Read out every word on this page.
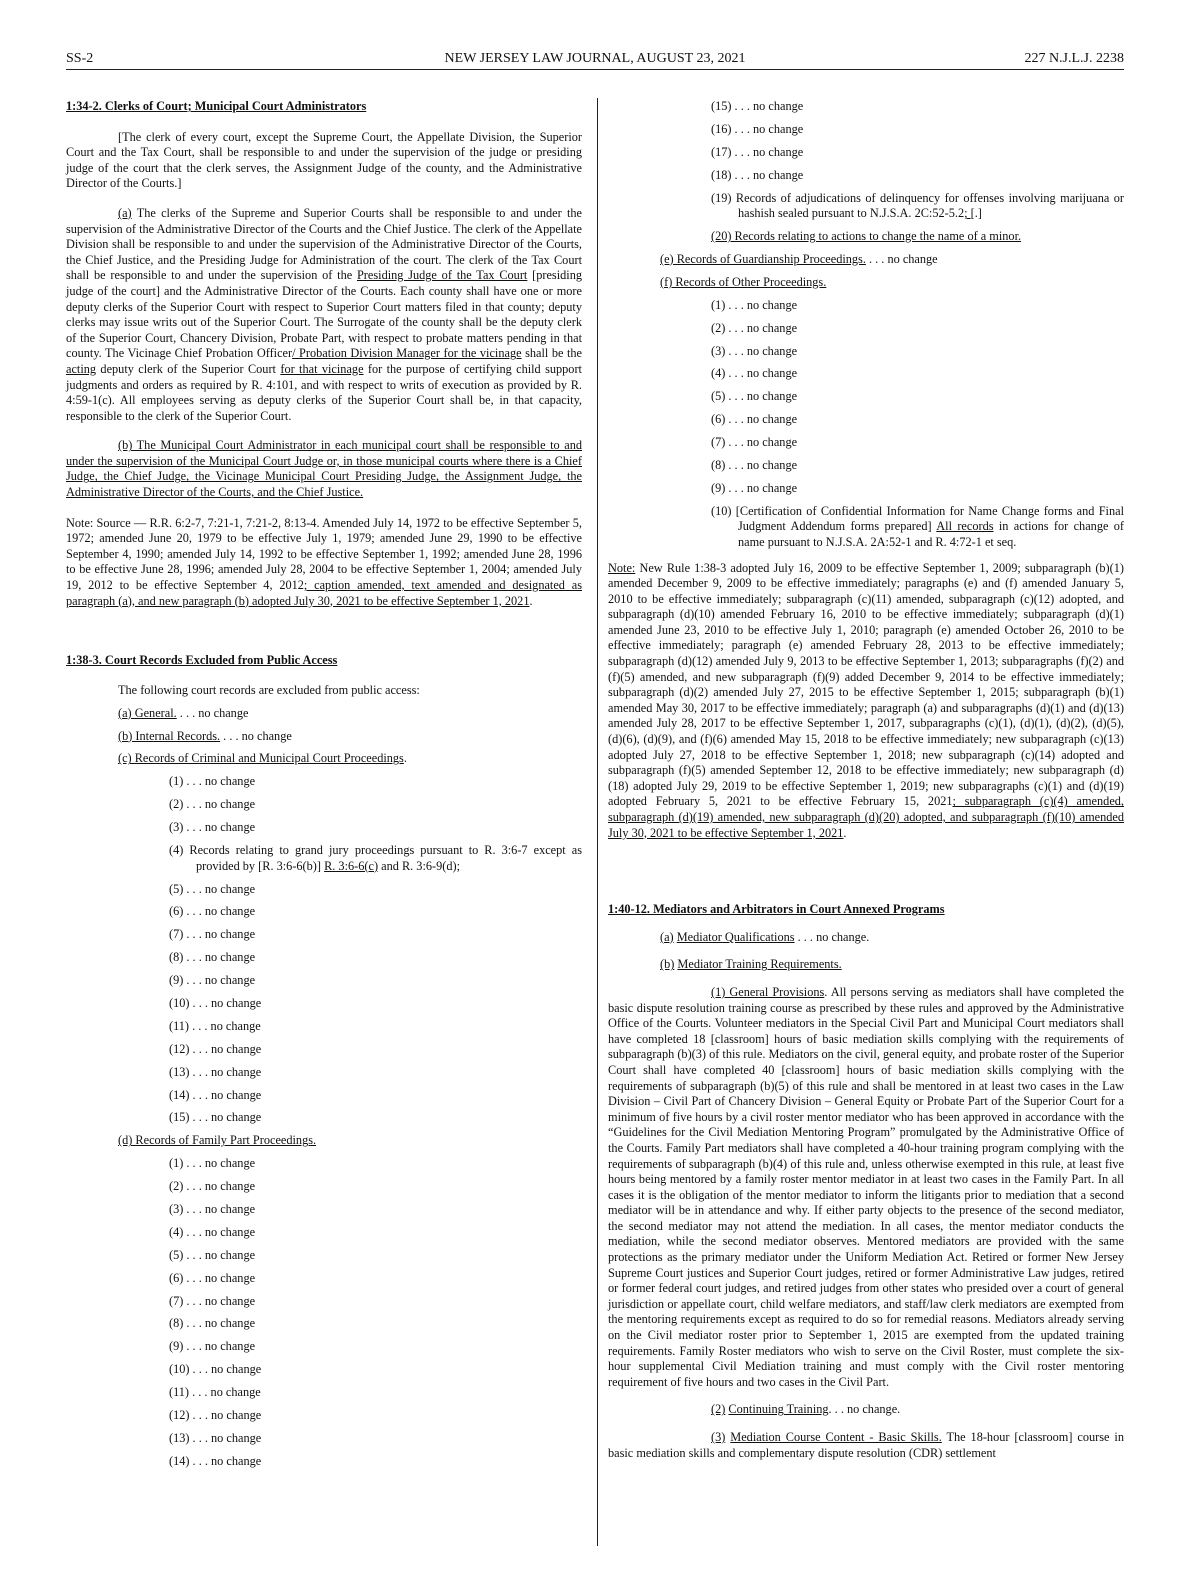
SS-2	NEW JERSEY LAW JOURNAL, AUGUST 23, 2021	227 N.J.L.J. 2238

1:34-2. Clerks of Court; Municipal Court Administrators

[The clerk of every court, except the Supreme Court, the Appellate Division, the Superior Court and the Tax Court, shall be responsible to and under the supervision of the judge or presiding judge of the court that the clerk serves, the Assignment Judge of the county, and the Administrative Director of the Courts.]

(a) The clerks of the Supreme and Superior Courts shall be responsible to and under the supervision of the Administrative Director of the Courts and the Chief Justice. The clerk of the Appellate Division shall be responsible to and under the supervision of the Administrative Director of the Courts, the Chief Justice, and the Presiding Judge for Administration of the court. The clerk of the Tax Court shall be responsible to and under the supervision of the Presiding Judge of the Tax Court [presiding judge of the court] and the Administrative Director of the Courts. Each county shall have one or more deputy clerks of the Superior Court with respect to Superior Court matters filed in that county; deputy clerks may issue writs out of the Superior Court. The Surrogate of the county shall be the deputy clerk of the Superior Court, Chancery Division, Probate Part, with respect to probate matters pending in that county. The Vicinage Chief Probation Officer/ Probation Division Manager for the vicinage shall be the acting deputy clerk of the Superior Court for that vicinage for the purpose of certifying child support judgments and orders as required by R. 4:101, and with respect to writs of execution as provided by R. 4:59-1(c). All employees serving as deputy clerks of the Superior Court shall be, in that capacity, responsible to the clerk of the Superior Court.

(b) The Municipal Court Administrator in each municipal court shall be responsible to and under the supervision of the Municipal Court Judge or, in those municipal courts where there is a Chief Judge, the Chief Judge, the Vicinage Municipal Court Presiding Judge, the Assignment Judge, the Administrative Director of the Courts, and the Chief Justice.

Note: Source — R.R. 6:2-7, 7:21-1, 7:21-2, 8:13-4. Amended July 14, 1972 to be effective September 5, 1972; amended June 20, 1979 to be effective July 1, 1979; amended June 29, 1990 to be effective September 4, 1990; amended July 14, 1992 to be effective September 1, 1992; amended June 28, 1996 to be effective June 28, 1996; amended July 28, 2004 to be effective September 1, 2004; amended July 19, 2012 to be effective September 4, 2012; caption amended, text amended and designated as paragraph (a), and new paragraph (b) adopted July 30, 2021 to be effective September 1, 2021.

1:38-3. Court Records Excluded from Public Access

The following court records are excluded from public access:

(a) General. . . . no change

(b) Internal Records. . . . no change

(c) Records of Criminal and Municipal Court Proceedings.

(1) . . . no change

(2) . . . no change

(3) . . . no change

(4) Records relating to grand jury proceedings pursuant to R. 3:6-7 except as provided by [R. 3:6-6(b)] R. 3:6-6(c) and R. 3:6-9(d);

(5) . . . no change

(6) . . . no change

(7) . . . no change

(8) . . . no change

(9) . . . no change

(10) . . . no change

(11) . . . no change

(12) . . . no change

(13) . . . no change

(14) . . . no change

(15) . . . no change

(d) Records of Family Part Proceedings.

(1) . . . no change

(2) . . . no change

(3) . . . no change

(4) . . . no change

(5) . . . no change

(6) . . . no change

(7) . . . no change

(8) . . . no change

(9) . . . no change

(10) . . . no change

(11) . . . no change

(12) . . . no change

(13) . . . no change

(14) . . . no change

(15) . . . no change

(16) . . . no change

(17) . . . no change

(18) . . . no change

(19) Records of adjudications of delinquency for offenses involving marijuana or hashish sealed pursuant to N.J.S.A. 2C:52-5.2; [.]

(20) Records relating to actions to change the name of a minor.

(e) Records of Guardianship Proceedings. . . . no change

(f) Records of Other Proceedings.

(1) . . . no change

(2) . . . no change

(3) . . . no change

(4) . . . no change

(5) . . . no change

(6) . . . no change

(7) . . . no change

(8) . . . no change

(9) . . . no change

(10) [Certification of Confidential Information for Name Change forms and Final Judgment Addendum forms prepared] All records in actions for change of name pursuant to N.J.S.A. 2A:52-1 and R. 4:72-1 et seq.

Note: New Rule 1:38-3 adopted July 16, 2009 to be effective September 1, 2009; subparagraph (b)(1) amended December 9, 2009 to be effective immediately; paragraphs (e) and (f) amended January 5, 2010 to be effective immediately; subparagraph (c)(11) amended, subparagraph (c)(12) adopted, and subparagraph (d)(10) amended February 16, 2010 to be effective immediately; subparagraph (d)(1) amended June 23, 2010 to be effective July 1, 2010; paragraph (e) amended October 26, 2010 to be effective immediately; paragraph (e) amended February 28, 2013 to be effective immediately; subparagraph (d)(12) amended July 9, 2013 to be effective September 1, 2013; subparagraphs (f)(2) and (f)(5) amended, and new subparagraph (f)(9) added December 9, 2014 to be effective immediately; subparagraph (d)(2) amended July 27, 2015 to be effective September 1, 2015; subparagraph (b)(1) amended May 30, 2017 to be effective immediately; paragraph (a) and subparagraphs (d)(1) and (d)(13) amended July 28, 2017 to be effective September 1, 2017, subparagraphs (c)(1), (d)(1), (d)(2), (d)(5), (d)(6), (d)(9), and (f)(6) amended May 15, 2018 to be effective immediately; new subparagraph (c)(13) adopted July 27, 2018 to be effective September 1, 2018; new subparagraph (c)(14) adopted and subparagraph (f)(5) amended September 12, 2018 to be effective immediately; new subparagraph (d)(18) adopted July 29, 2019 to be effective September 1, 2019; new subparagraphs (c)(1) and (d)(19) adopted February 5, 2021 to be effective February 15, 2021; subparagraph (c)(4) amended, subparagraph (d)(19) amended, new subparagraph (d)(20) adopted, and subparagraph (f)(10) amended July 30, 2021 to be effective September 1, 2021.

1:40-12. Mediators and Arbitrators in Court Annexed Programs

(a) Mediator Qualifications . . . no change.

(b) Mediator Training Requirements.

(1) General Provisions. All persons serving as mediators shall have completed the basic dispute resolution training course as prescribed by these rules and approved by the Administrative Office of the Courts. Volunteer mediators in the Special Civil Part and Municipal Court mediators shall have completed 18 [classroom] hours of basic mediation skills complying with the requirements of subparagraph (b)(3) of this rule. Mediators on the civil, general equity, and probate roster of the Superior Court shall have completed 40 [classroom] hours of basic mediation skills complying with the requirements of subparagraph (b)(5) of this rule and shall be mentored in at least two cases in the Law Division – Civil Part of Chancery Division – General Equity or Probate Part of the Superior Court for a minimum of five hours by a civil roster mentor mediator who has been approved in accordance with the “Guidelines for the Civil Mediation Mentoring Program” promulgated by the Administrative Office of the Courts. Family Part mediators shall have completed a 40-hour training program complying with the requirements of subparagraph (b)(4) of this rule and, unless otherwise exempted in this rule, at least five hours being mentored by a family roster mentor mediator in at least two cases in the Family Part. In all cases it is the obligation of the mentor mediator to inform the litigants prior to mediation that a second mediator will be in attendance and why. If either party objects to the presence of the second mediator, the second mediator may not attend the mediation. In all cases, the mentor mediator conducts the mediation, while the second mediator observes. Mentored mediators are provided with the same protections as the primary mediator under the Uniform Mediation Act. Retired or former New Jersey Supreme Court justices and Superior Court judges, retired or former Administrative Law judges, retired or former federal court judges, and retired judges from other states who presided over a court of general jurisdiction or appellate court, child welfare mediators, and staff/law clerk mediators are exempted from the mentoring requirements except as required to do so for remedial reasons. Mediators already serving on the Civil mediator roster prior to September 1, 2015 are exempted from the updated training requirements. Family Roster mediators who wish to serve on the Civil Roster, must complete the six-hour supplemental Civil Mediation training and must comply with the Civil roster mentoring requirement of five hours and two cases in the Civil Part.

(2) Continuing Training. . . no change.

(3) Mediation Course Content - Basic Skills. The 18-hour [classroom] course in basic mediation skills and complementary dispute resolution (CDR) settlement
